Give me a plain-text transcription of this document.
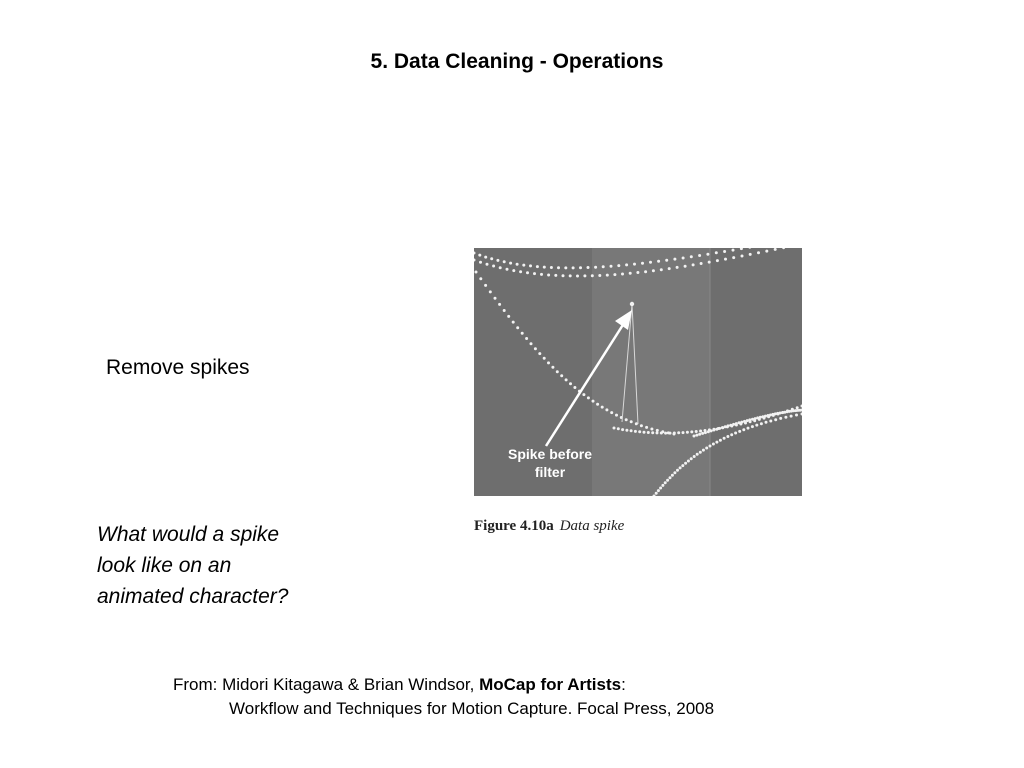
5. Data Cleaning - Operations
Remove spikes
What would a spike
look like on an
animated character?
Spike before
filter
Figure 4.10a Data spike
From: Midori Kitagawa & Brian Windsor, MoCap for Artists:
Workflow and Techniques for Motion Capture. Focal Press, 2008
